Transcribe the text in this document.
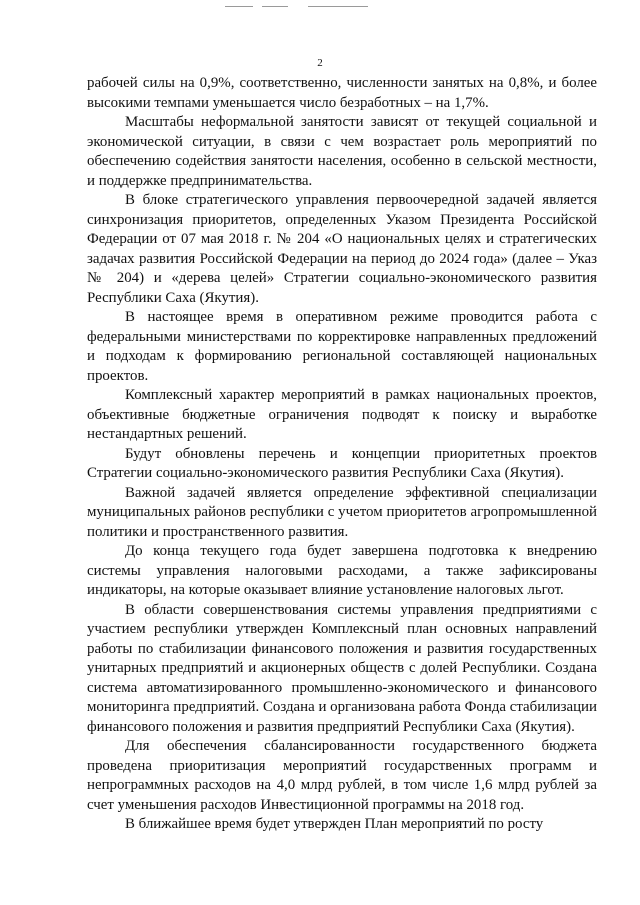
2

рабочей силы на 0,9%, соответственно, численности занятых на 0,8%, и более высокими темпами уменьшается число безработных – на 1,7%.

Масштабы неформальной занятости зависят от текущей социальной и экономической ситуации, в связи с чем возрастает роль мероприятий по обеспечению содействия занятости населения, особенно в сельской местности, и поддержке предпринимательства.

В блоке стратегического управления первоочередной задачей является синхронизация приоритетов, определенных Указом Президента Российской Федерации от 07 мая 2018 г. № 204 «О национальных целях и стратегических задачах развития Российской Федерации на период до 2024 года» (далее – Указ № 204) и «дерева целей» Стратегии социально-экономического развития Республики Саха (Якутия).

В настоящее время в оперативном режиме проводится работа с федеральными министерствами по корректировке направленных предложений и подходам к формированию региональной составляющей национальных проектов.

Комплексный характер мероприятий в рамках национальных проектов, объективные бюджетные ограничения подводят к поиску и выработке нестандартных решений.

Будут обновлены перечень и концепции приоритетных проектов Стратегии социально-экономического развития Республики Саха (Якутия).

Важной задачей является определение эффективной специализации муниципальных районов республики с учетом приоритетов агропромышленной политики и пространственного развития.

До конца текущего года будет завершена подготовка к внедрению системы управления налоговыми расходами, а также зафиксированы индикаторы, на которые оказывает влияние установление налоговых льгот.

В области совершенствования системы управления предприятиями с участием республики утвержден Комплексный план основных направлений работы по стабилизации финансового положения и развития государственных унитарных предприятий и акционерных обществ с долей Республики. Создана система автоматизированного промышленно-экономического и финансового мониторинга предприятий. Создана и организована работа Фонда стабилизации финансового положения и развития предприятий Республики Саха (Якутия).

Для обеспечения сбалансированности государственного бюджета проведена приоритизация мероприятий государственных программ и непрограммных расходов на 4,0 млрд рублей, в том числе 1,6 млрд рублей за счет уменьшения расходов Инвестиционной программы на 2018 год.

В ближайшее время будет утвержден План мероприятий по росту
